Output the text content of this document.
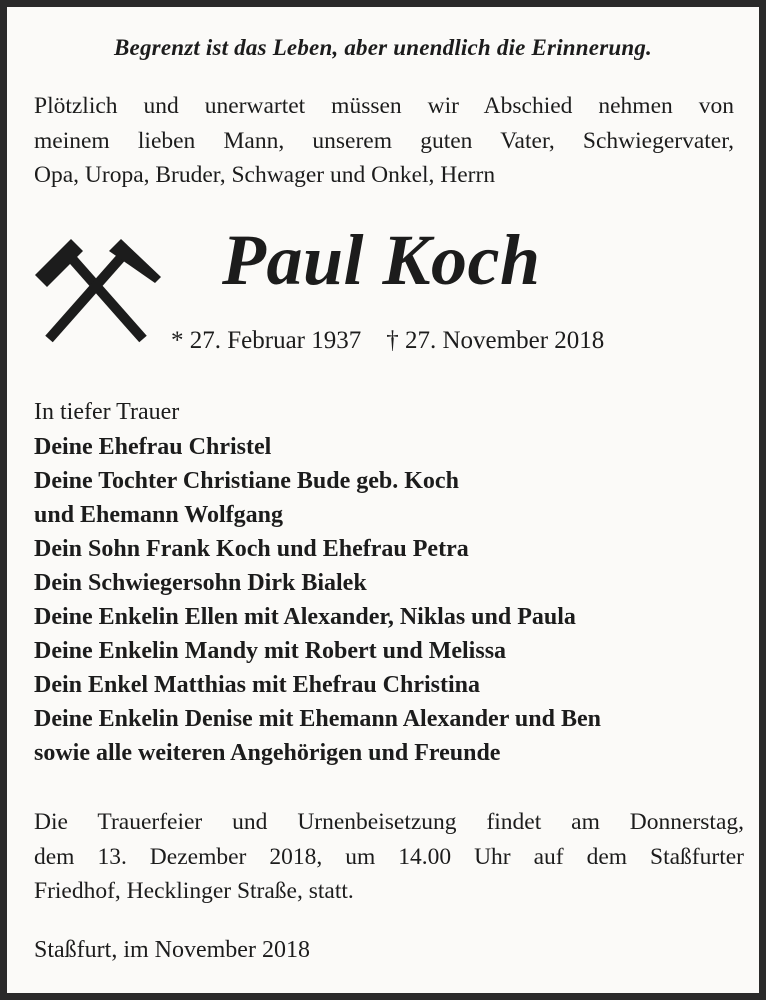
Begrenzt ist das Leben, aber unendlich die Erinnerung.
Plötzlich und unerwartet müssen wir Abschied nehmen von
meinem lieben Mann, unserem guten Vater, Schwiegervater,
Opa, Uropa, Bruder, Schwager und Onkel, Herrn
Paul Koch
* 27. Februar 1937 † 27. November 2018
In tiefer Trauer
Deine Ehefrau Christel
Deine Tochter Christiane Bude geb. Koch
und Ehemann Wolfgang
Dein Sohn Frank Koch und Ehefrau Petra
Dein Schwiegersohn Dirk Bialek
Deine Enkelin Ellen mit Alexander, Niklas und Paula
Deine Enkelin Mandy mit Robert und Melissa
Dein Enkel Matthias mit Ehefrau Christina
Deine Enkelin Denise mit Ehemann Alexander und Ben
sowie alle weiteren Angehörigen und Freunde
Die Trauerfeier und Urnenbeisetzung findet am Donnerstag,
dem 13. Dezember 2018, um 14.00 Uhr auf dem Staßfurter
Friedhof, Hecklinger Straße, statt.
Staßfurt, im November 2018
